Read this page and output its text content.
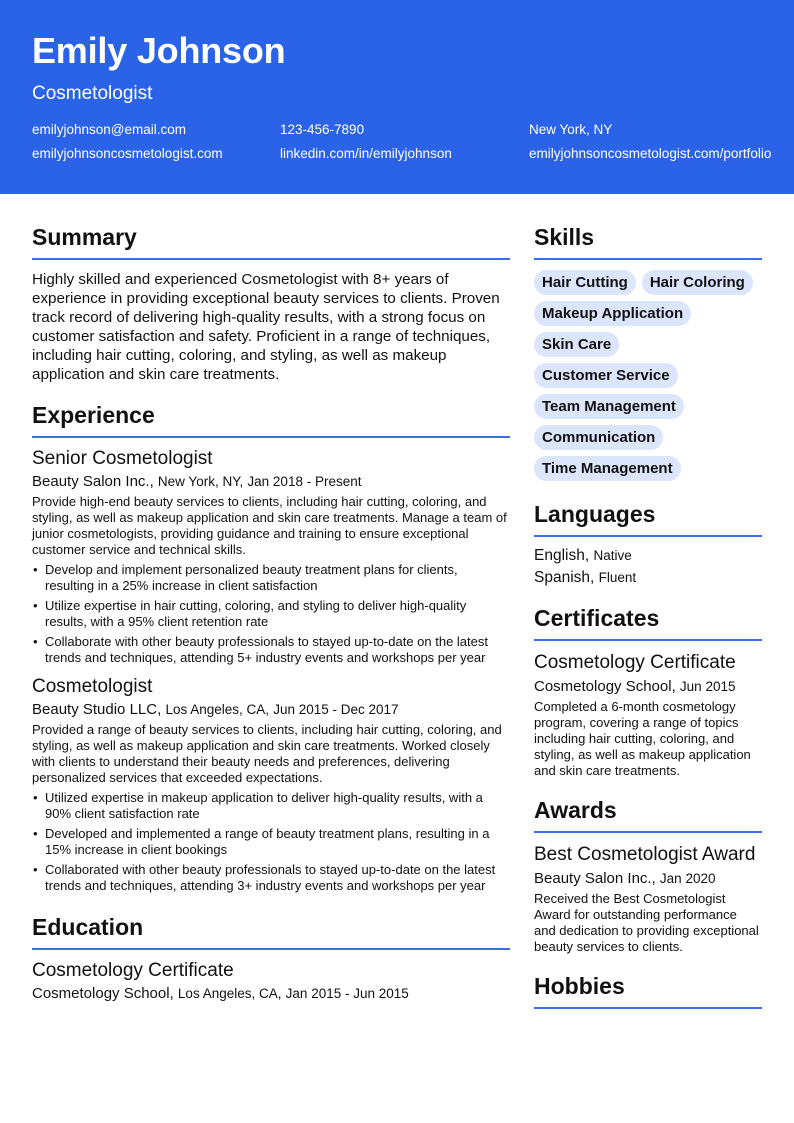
Emily Johnson
Cosmetologist
emilyjohnson@email.com	123-456-7890	New York, NY
emilyjohnsoncosmetologist.com	linkedin.com/in/emilyjohnson	emilyjohnsoncosmetologist.com/portfolio
Summary
Highly skilled and experienced Cosmetologist with 8+ years of experience in providing exceptional beauty services to clients. Proven track record of delivering high-quality results, with a strong focus on customer satisfaction and safety. Proficient in a range of techniques, including hair cutting, coloring, and styling, as well as makeup application and skin care treatments.
Experience
Senior Cosmetologist
Beauty Salon Inc., New York, NY, Jan 2018 - Present
Provide high-end beauty services to clients, including hair cutting, coloring, and styling, as well as makeup application and skin care treatments. Manage a team of junior cosmetologists, providing guidance and training to ensure exceptional customer service and technical skills.
• Develop and implement personalized beauty treatment plans for clients, resulting in a 25% increase in client satisfaction
• Utilize expertise in hair cutting, coloring, and styling to deliver high-quality results, with a 95% client retention rate
• Collaborate with other beauty professionals to stayed up-to-date on the latest trends and techniques, attending 5+ industry events and workshops per year
Cosmetologist
Beauty Studio LLC, Los Angeles, CA, Jun 2015 - Dec 2017
Provided a range of beauty services to clients, including hair cutting, coloring, and styling, as well as makeup application and skin care treatments. Worked closely with clients to understand their beauty needs and preferences, delivering personalized services that exceeded expectations.
• Utilized expertise in makeup application to deliver high-quality results, with a 90% client satisfaction rate
• Developed and implemented a range of beauty treatment plans, resulting in a 15% increase in client bookings
• Collaborated with other beauty professionals to stayed up-to-date on the latest trends and techniques, attending 3+ industry events and workshops per year
Education
Cosmetology Certificate
Cosmetology School, Los Angeles, CA, Jan 2015 - Jun 2015
Skills
Hair Cutting	Hair Coloring
Makeup Application
Skin Care
Customer Service
Team Management
Communication
Time Management
Languages
English, Native
Spanish, Fluent
Certificates
Cosmetology Certificate
Cosmetology School, Jun 2015
Completed a 6-month cosmetology program, covering a range of topics including hair cutting, coloring, and styling, as well as makeup application and skin care treatments.
Awards
Best Cosmetologist Award
Beauty Salon Inc., Jan 2020
Received the Best Cosmetologist Award for outstanding performance and dedication to providing exceptional beauty services to clients.
Hobbies
